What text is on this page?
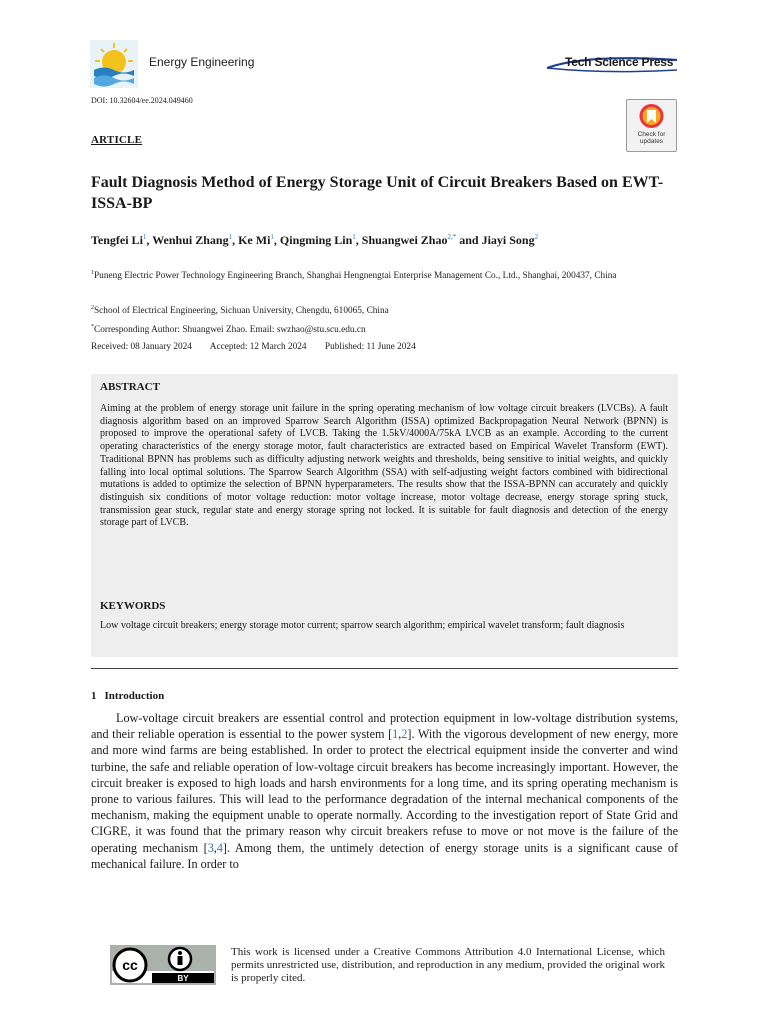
Energy Engineering	Tech Science Press
DOI: 10.32604/ee.2024.049460
Check for updates
ARTICLE
Fault Diagnosis Method of Energy Storage Unit of Circuit Breakers Based on EWT-ISSA-BP
Tengfei Li$^1$, Wenhui Zhang$^1$, Ke Mi$^1$, Qingming Lin$^1$, Shuangwei Zhao$^{2,*}$ and Jiayi Song$^2$
$^1$Puneng Electric Power Technology Engineering Branch, Shanghai Hengnengtai Enterprise Management Co., Ltd., Shanghai, 200437, China
$^2$School of Electrical Engineering, Sichuan University, Chengdu, 610065, China
*Corresponding Author: Shuangwei Zhao. Email: swzhao@stu.scu.edu.cn
Received: 08 January 2024 Accepted: 12 March 2024 Published: 11 June 2024
ABSTRACT
Aiming at the problem of energy storage unit failure in the spring operating mechanism of low voltage circuit breakers (LVCBs). A fault diagnosis algorithm based on an improved Sparrow Search Algorithm (ISSA) optimized Backpropagation Neural Network (BPNN) is proposed to improve the operational safety of LVCB. Taking the 1.5kV/4000A/75kA LVCB as an example. According to the current operating characteristics of the energy storage motor, fault characteristics are extracted based on Empirical Wavelet Transform (EWT). Traditional BPNN has problems such as difficulty adjusting network weights and thresholds, being sensitive to initial weights, and quickly falling into local optimal solutions. The Sparrow Search Algorithm (SSA) with self-adjusting weight factors combined with bidirectional mutations is added to optimize the selection of BPNN hyperparameters. The results show that the ISSA-BPNN can accurately and quickly distinguish six conditions of motor voltage reduction: motor voltage increase, motor voltage decrease, energy storage spring stuck, transmission gear stuck, regular state and energy storage spring not locked. It is suitable for fault diagnosis and detection of the energy storage part of LVCB.
KEYWORDS
Low voltage circuit breakers; energy storage motor current; sparrow search algorithm; empirical wavelet transform; fault diagnosis
1 Introduction
Low-voltage circuit breakers are essential control and protection equipment in low-voltage distribution systems, and their reliable operation is essential to the power system [1,2]. With the vigorous development of new energy, more and more wind farms are being established. In order to protect the electrical equipment inside the converter and wind turbine, the safe and reliable operation of low-voltage circuit breakers has become increasingly important. However, the circuit breaker is exposed to high loads and harsh environments for a long time, and its spring operating mechanism is prone to various failures. This will lead to the performance degradation of the internal mechanical components of the mechanism, making the equipment unable to operate normally. According to the investigation report of State Grid and CIGRE, it was found that the primary reason why circuit breakers refuse to move or not move is the failure of the operating mechanism [3,4]. Among them, the untimely detection of energy storage units is a significant cause of mechanical failure. In order to
cc
BY
This work is licensed under a Creative Commons Attribution 4.0 International License, which permits unrestricted use, distribution, and reproduction in any medium, provided the original work is properly cited.
